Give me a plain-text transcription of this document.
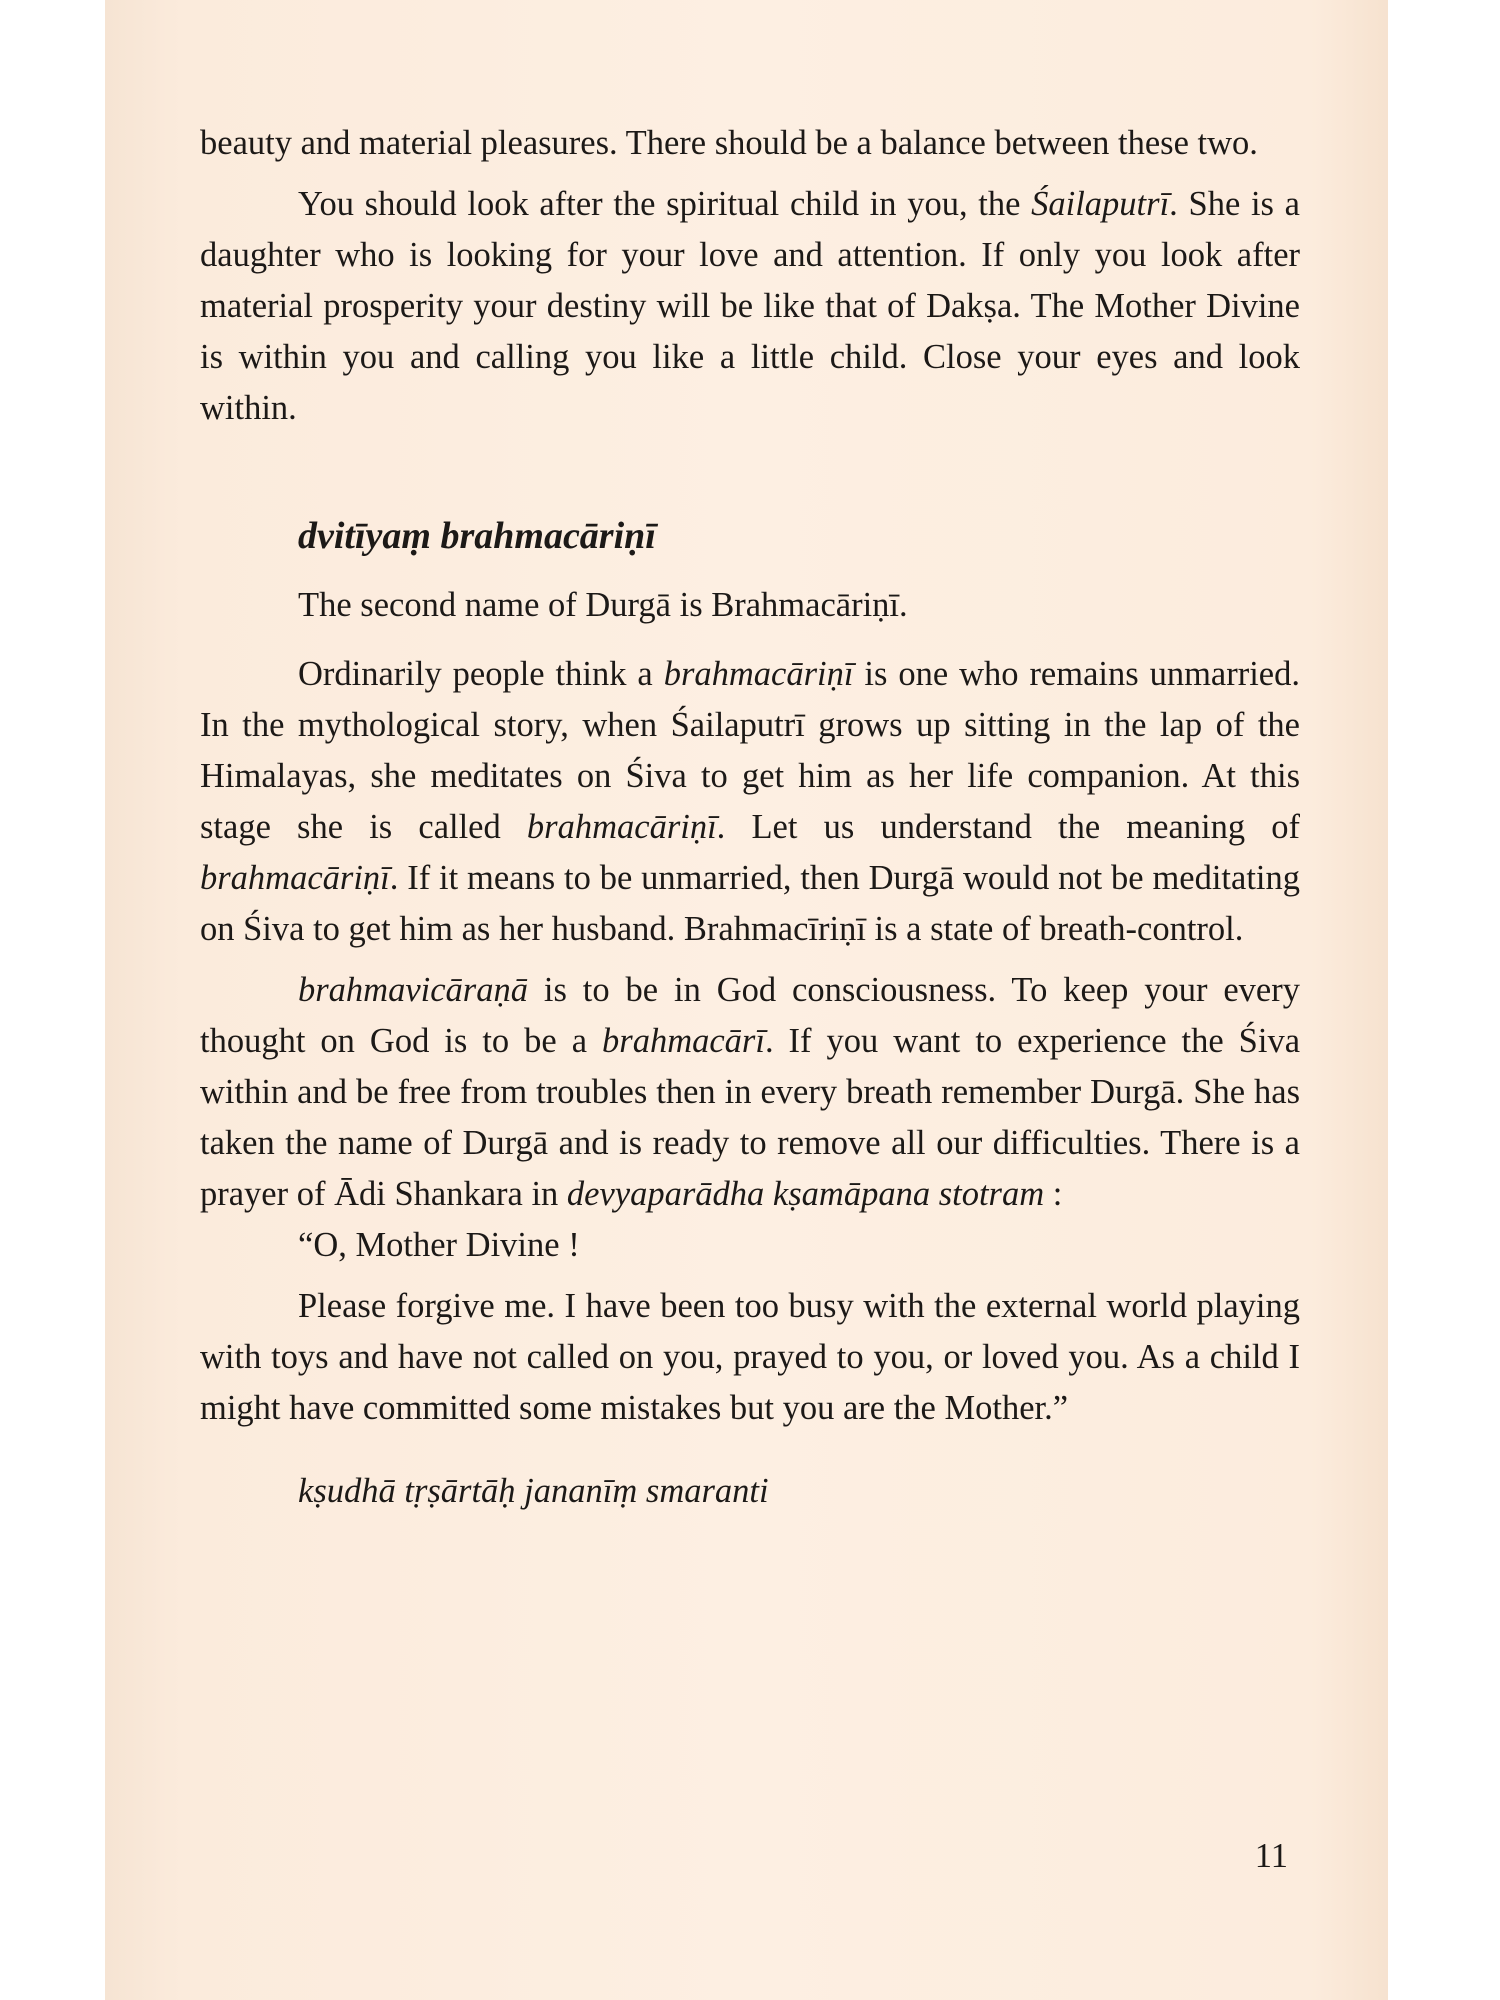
beauty and material pleasures. There should be a balance between these two.

You should look after the spiritual child in you, the Śailaputrī. She is a daughter who is looking for your love and attention. If only you look after material prosperity your destiny will be like that of Dakṣa. The Mother Divine is within you and calling you like a little child. Close your eyes and look within.

dvitīyaṃ brahmacāriṇī

The second name of Durgā is Brahmacāriṇī.

Ordinarily people think a brahmacāriṇī is one who remains unmarried. In the mythological story, when Śailaputrī grows up sitting in the lap of the Himalayas, she meditates on Śiva to get him as her life companion. At this stage she is called brahmacāriṇī. Let us understand the meaning of brahmacāriṇī. If it means to be unmarried, then Durgā would not be meditating on Śiva to get him as her husband. Brahmacīriṇī is a state of breath-control.

brahmavicāraṇā is to be in God consciousness. To keep your every thought on God is to be a brahmacārī. If you want to experience the Śiva within and be free from troubles then in every breath remember Durgā. She has taken the name of Durgā and is ready to remove all our difficulties. There is a prayer of Ādi Shankara in devyaparādha kṣamāpana stotram :

“O, Mother Divine !

Please forgive me. I have been too busy with the external world playing with toys and have not called on you, prayed to you, or loved you. As a child I might have committed some mistakes but you are the Mother.”

kṣudhā tṛṣārtāḥ jananīṃ smaranti

11
